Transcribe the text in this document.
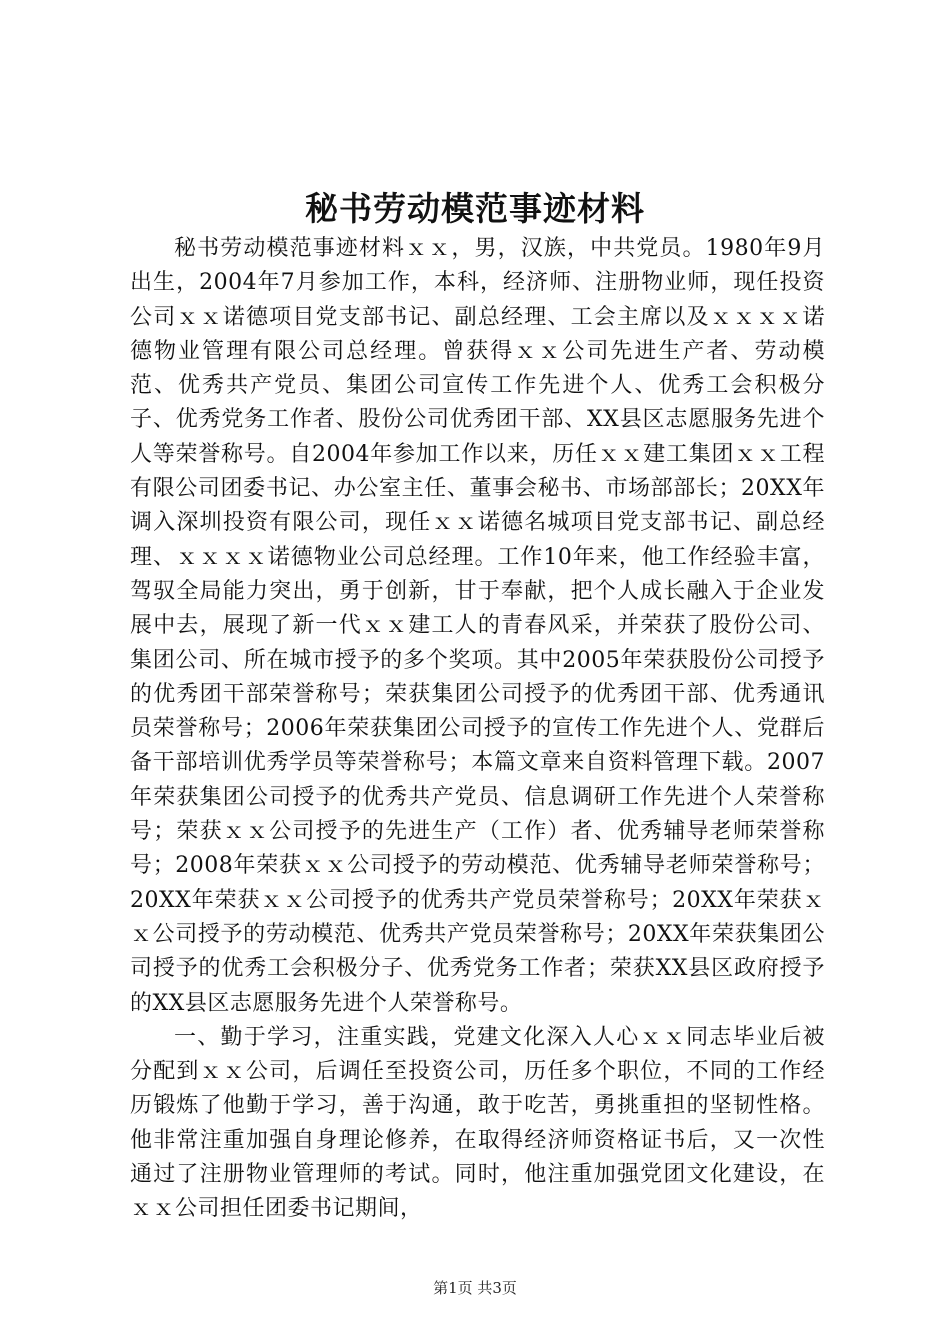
秘书劳动模范事迹材料

秘书劳动模范事迹材料ｘｘ，男，汉族，中共党员。1980年9月出生，2004年7月参加工作，本科，经济师、注册物业师，现任投资公司ｘｘ诺德项目党支部书记、副总经理、工会主席以及ｘｘｘｘ诺德物业管理有限公司总经理。曾获得ｘｘ公司先进生产者、劳动模范、优秀共产党员、集团公司宣传工作先进个人、优秀工会积极分子、优秀党务工作者、股份公司优秀团干部、XX县区志愿服务先进个人等荣誉称号。自2004年参加工作以来，历任ｘｘ建工集团ｘｘ工程有限公司团委书记、办公室主任、董事会秘书、市场部部长；20XX年调入深圳投资有限公司，现任ｘｘ诺德名城项目党支部书记、副总经理、ｘｘｘｘ诺德物业公司总经理。工作10年来，他工作经验丰富，驾驭全局能力突出，勇于创新，甘于奉献，把个人成长融入于企业发展中去，展现了新一代ｘｘ建工人的青春风采，并荣获了股份公司、集团公司、所在城市授予的多个奖项。其中2005年荣获股份公司授予的优秀团干部荣誉称号；荣获集团公司授予的优秀团干部、优秀通讯员荣誉称号；2006年荣获集团公司授予的宣传工作先进个人、党群后备干部培训优秀学员等荣誉称号；本篇文章来自资料管理下载。2007年荣获集团公司授予的优秀共产党员、信息调研工作先进个人荣誉称号；荣获ｘｘ公司授予的先进生产（工作）者、优秀辅导老师荣誉称号；2008年荣获ｘｘ公司授予的劳动模范、优秀辅导老师荣誉称号；20XX年荣获ｘｘ公司授予的优秀共产党员荣誉称号；20XX年荣获ｘｘ公司授予的劳动模范、优秀共产党员荣誉称号；20XX年荣获集团公司授予的优秀工会积极分子、优秀党务工作者；荣获XX县区政府授予的XX县区志愿服务先进个人荣誉称号。

一、勤于学习，注重实践，党建文化深入人心ｘｘ同志毕业后被分配到ｘｘ公司，后调任至投资公司，历任多个职位，不同的工作经历锻炼了他勤于学习，善于沟通，敢于吃苦，勇挑重担的坚韧性格。他非常注重加强自身理论修养，在取得经济师资格证书后，又一次性通过了注册物业管理师的考试。同时，他注重加强党团文化建设，在ｘｘ公司担任团委书记期间，

第1页 共3页
